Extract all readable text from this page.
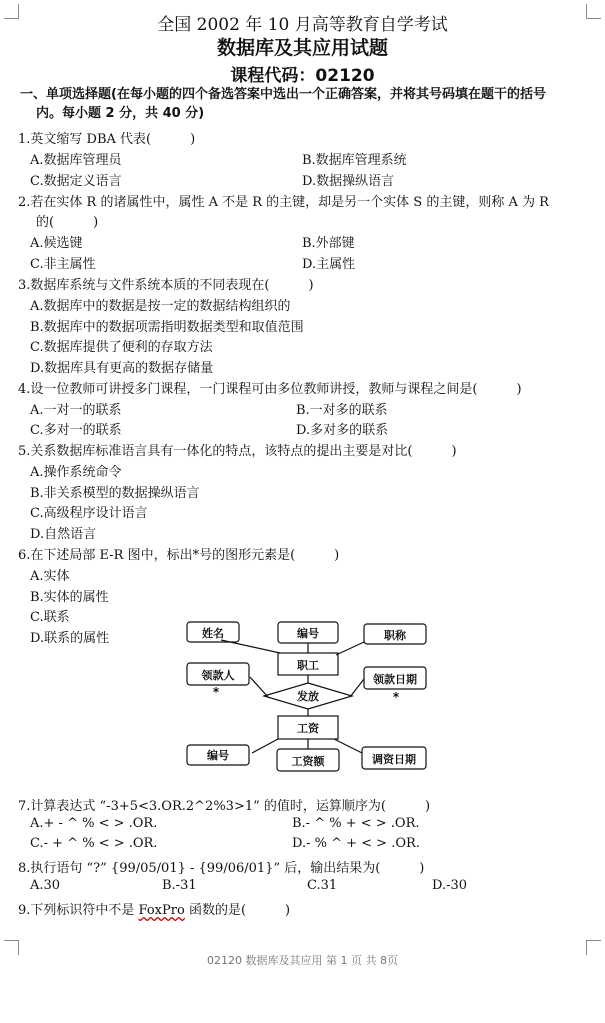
全国 2002 年 10 月高等教育自学考试
数据库及其应用试题
课程代码：02120
一、单项选择题(在每小题的四个备选答案中选出一个正确答案，并将其号码填在题干的括号
内。每小题 2 分，共 40 分)
1.英文缩写 DBA 代表(　　　)
A.数据库管理员	B.数据库管理系统
C.数据定义语言	D.数据操纵语言
2.若在实体 R 的诸属性中，属性 A 不是 R 的主键，却是另一个实体 S 的主键，则称 A 为 R
的(　　　)
A.候选键	B.外部键
C.非主属性	D.主属性
3.数据库系统与文件系统本质的不同表现在(　　　)
A.数据库中的数据是按一定的数据结构组织的
B.数据库中的数据项需指明数据类型和取值范围
C.数据库提供了便利的存取方法
D.数据库具有更高的数据存储量
4.设一位教师可讲授多门课程，一门课程可由多位教师讲授，教师与课程之间是(　　　)
A.一对一的联系	B.一对多的联系
C.多对一的联系	D.多对多的联系
5.关系数据库标准语言具有一体化的特点，该特点的提出主要是对比(　　　)
A.操作系统命令
B.非关系模型的数据操纵语言
C.高级程序设计语言
D.自然语言
6.在下述局部 E-R 图中，标出*号的图形元素是(　　　)
A.实体
B.实体的属性
C.联系
D.联系的属性	姓名	编号	职称
领款人	领款日期
编号	工资额	调资日期
职工
工资
发放
*	*
7.计算表达式 “-3+5<3.OR.2^2%3>1” 的值时，运算顺序为(　　　)
A.+ - ^ % < > .OR.	B.- ^ % + < > .OR.
C.- + ^ % < > .OR.	D.- % ^ + < > .OR.
8.执行语句 “?” {99/05/01} - {99/06/01}” 后，输出结果为(　　　)
A.30	B.-31	C.31	D.-30
9.下列标识符中不是 FoxPro 函数的是(　　　)
02120 数据库及其应用 第 1 页 共 8页
